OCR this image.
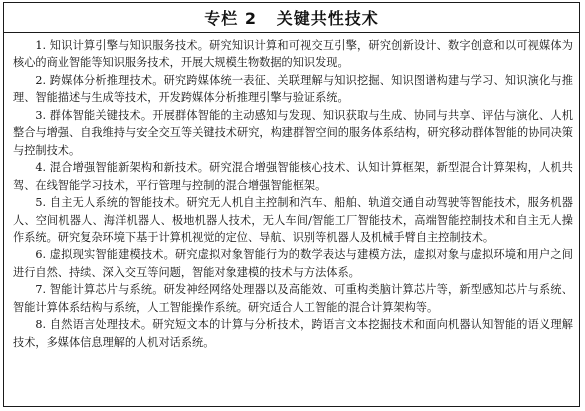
专栏 2   关键共性技术

1. 知识计算引擎与知识服务技术。研究知识计算和可视交互引擎，研究创新设计、数字创意和以可视媒体为核心的商业智能等知识服务技术，开展大规模生物数据的知识发现。

2. 跨媒体分析推理技术。研究跨媒体统一表征、关联理解与知识挖掘、知识图谱构建与学习、知识演化与推理、智能描述与生成等技术，开发跨媒体分析推理引擎与验证系统。

3. 群体智能关键技术。开展群体智能的主动感知与发现、知识获取与生成、协同与共享、评估与演化、人机整合与增强、自我维持与安全交互等关键技术研究，构建群智空间的服务体系结构，研究移动群体智能的协同决策与控制技术。

4. 混合增强智能新架构和新技术。研究混合增强智能核心技术、认知计算框架，新型混合计算架构，人机共驾、在线智能学习技术，平行管理与控制的混合增强智能框架。

5. 自主无人系统的智能技术。研究无人机自主控制和汽车、船舶、轨道交通自动驾驶等智能技术，服务机器人、空间机器人、海洋机器人、极地机器人技术，无人车间/智能工厂智能技术，高端智能控制技术和自主无人操作系统。研究复杂环境下基于计算机视觉的定位、导航、识别等机器人及机械手臂自主控制技术。

6. 虚拟现实智能建模技术。研究虚拟对象智能行为的数学表达与建模方法，虚拟对象与虚拟环境和用户之间进行自然、持续、深入交互等问题，智能对象建模的技术与方法体系。

7. 智能计算芯片与系统。研发神经网络处理器以及高能效、可重构类脑计算芯片等，新型感知芯片与系统、智能计算体系结构与系统，人工智能操作系统。研究适合人工智能的混合计算架构等。

8. 自然语言处理技术。研究短文本的计算与分析技术，跨语言文本挖掘技术和面向机器认知智能的语义理解技术，多媒体信息理解的人机对话系统。
